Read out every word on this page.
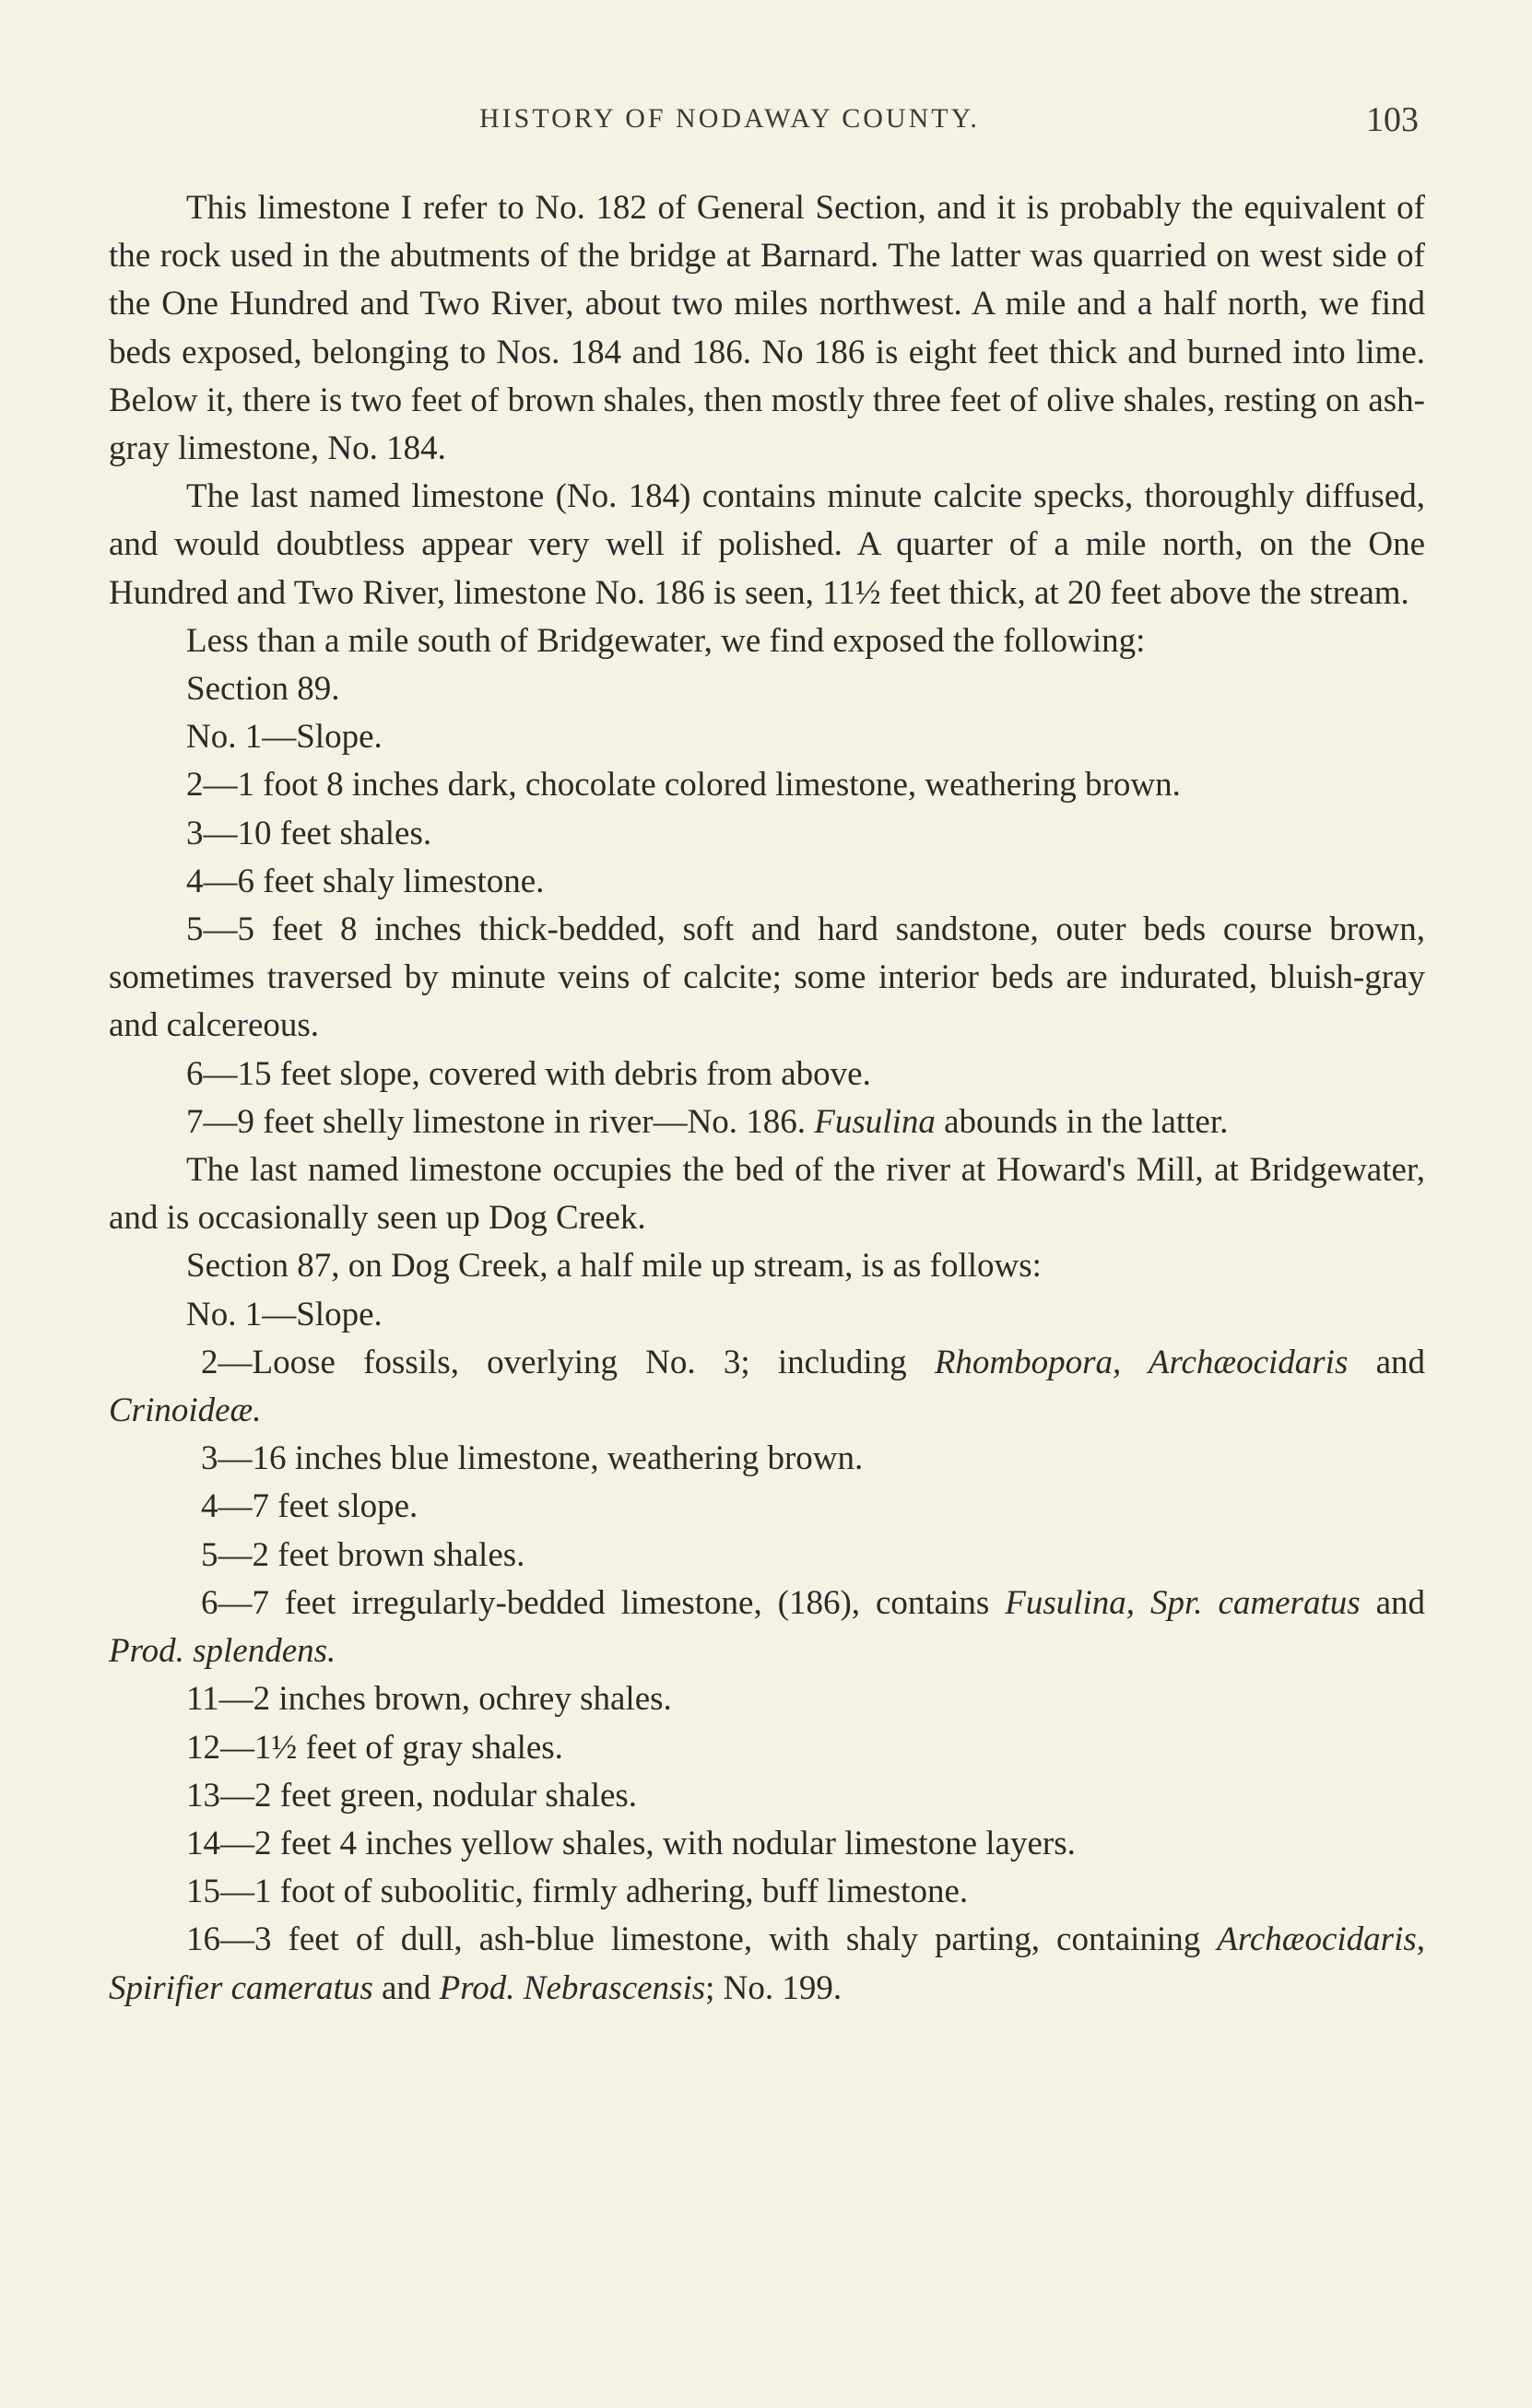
HISTORY OF NODAWAY COUNTY.	103

This limestone I refer to No. 182 of General Section, and it is probably the equivalent of the rock used in the abutments of the bridge at Barnard. The latter was quarried on west side of the One Hundred and Two River, about two miles northwest. A mile and a half north, we find beds exposed, belonging to Nos. 184 and 186. No 186 is eight feet thick and burned into lime. Below it, there is two feet of brown shales, then mostly three feet of olive shales, resting on ash-gray limestone, No. 184.

The last named limestone (No. 184) contains minute calcite specks, thoroughly diffused, and would doubtless appear very well if polished. A quarter of a mile north, on the One Hundred and Two River, limestone No. 186 is seen, 11½ feet thick, at 20 feet above the stream.

Less than a mile south of Bridgewater, we find exposed the following:

Section 89.

No. 1—Slope.

2—1 foot 8 inches dark, chocolate colored limestone, weathering brown.

3—10 feet shales.

4—6 feet shaly limestone.

5—5 feet 8 inches thick-bedded, soft and hard sandstone, outer beds course brown, sometimes traversed by minute veins of calcite; some interior beds are indurated, bluish-gray and calcereous.

6—15 feet slope, covered with debris from above.

7—9 feet shelly limestone in river—No. 186. Fusulina abounds in the latter.

The last named limestone occupies the bed of the river at Howard's Mill, at Bridgewater, and is occasionally seen up Dog Creek.

Section 87, on Dog Creek, a half mile up stream, is as follows:

No. 1—Slope.

2—Loose fossils, overlying No. 3; including Rhombopora, Archæocidaris and Crinoideæ.

3—16 inches blue limestone, weathering brown.

4—7 feet slope.

5—2 feet brown shales.

6—7 feet irregularly-bedded limestone, (186), contains Fusulina, Spr. cameratus and Prod. splendens.

11—2 inches brown, ochrey shales.

12—1½ feet of gray shales.

13—2 feet green, nodular shales.

14—2 feet 4 inches yellow shales, with nodular limestone layers.

15—1 foot of suboolitic, firmly adhering, buff limestone.

16—3 feet of dull, ash-blue limestone, with shaly parting, containing Archæocidaris, Spirifier cameratus and Prod. Nebrascensis; No. 199.
